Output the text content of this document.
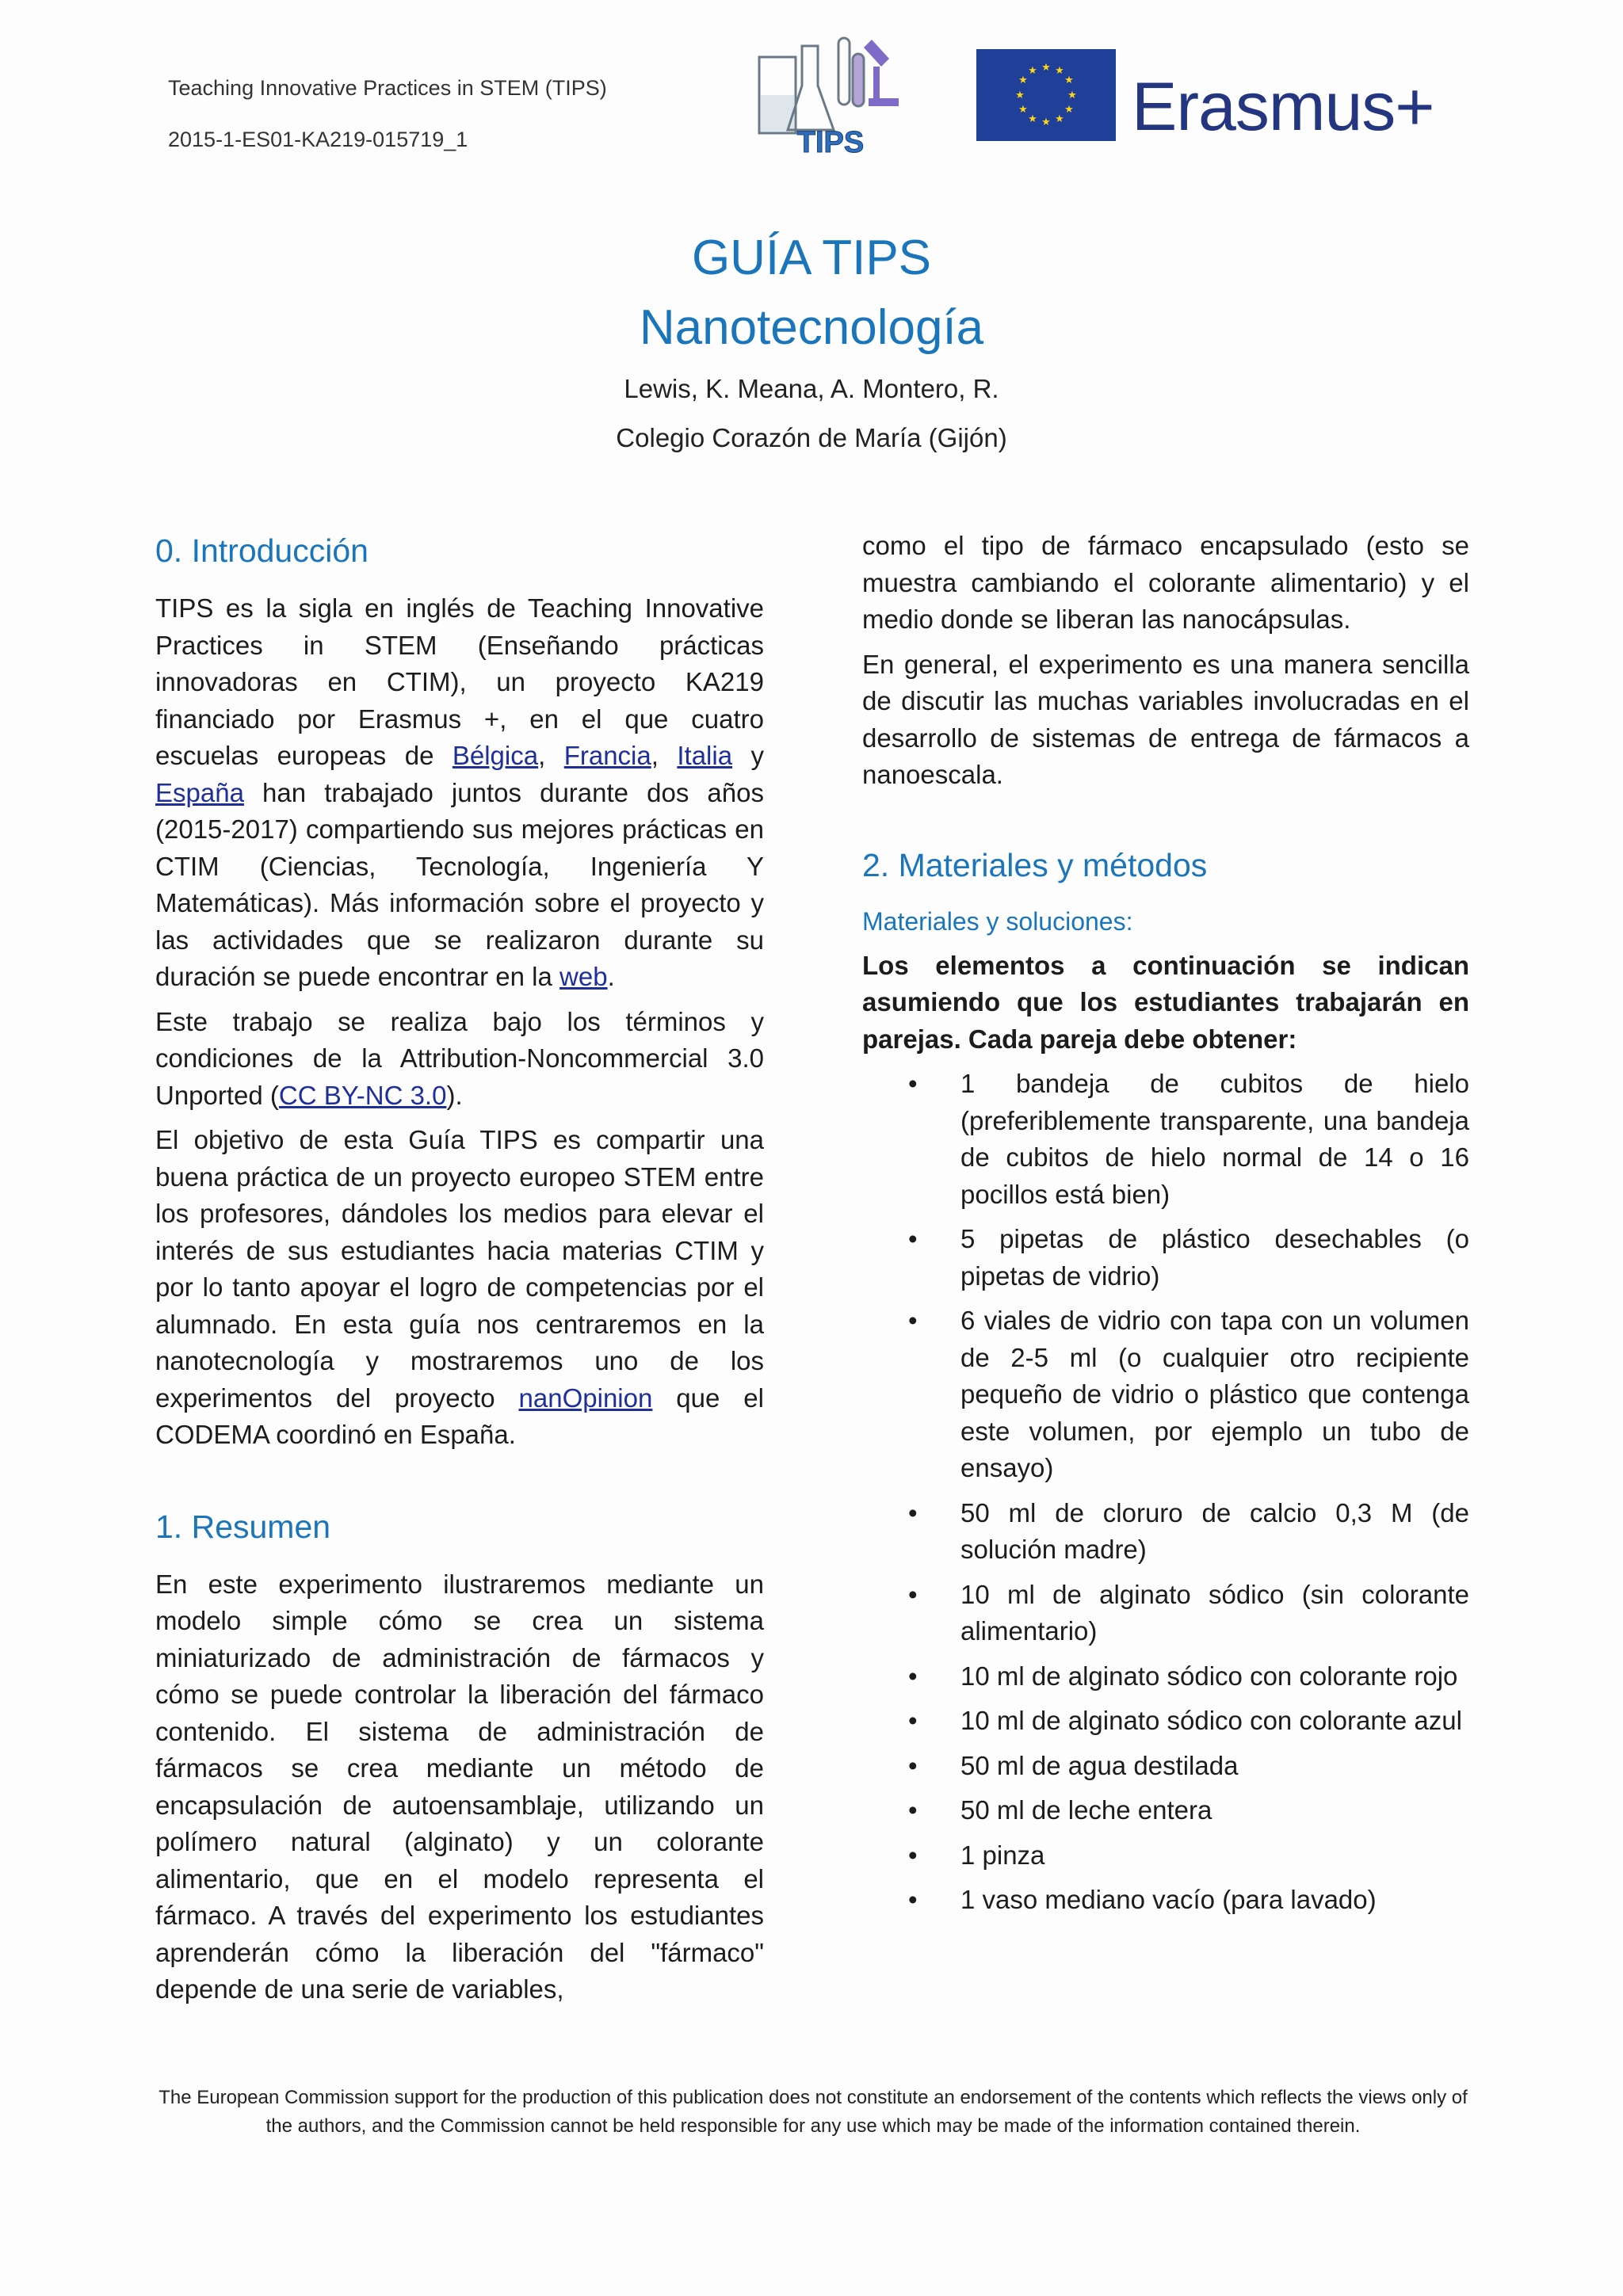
Teaching Innovative Practices in STEM (TIPS)
2015-1-ES01-KA219-015719_1	TIPS
★ ★
★
★
★
★
★
★
★
★
★
★ Erasmus+
GUÍA TIPS
Nanotecnología
Lewis, K. Meana, A. Montero, R.
Colegio Corazón de María (Gijón)
0. Introducción

TIPS es la sigla en inglés de Teaching Innovative Practices in STEM (Enseñando prácticas innovadoras en CTIM), un proyecto KA219 financiado por Erasmus +, en el que cuatro escuelas europeas de Bélgica, Francia, Italia y España han trabajado juntos durante dos años (2015-2017) compartiendo sus mejores prácticas en CTIM (Ciencias, Tecnología, Ingeniería Y Matemáticas). Más información sobre el proyecto y las actividades que se realizaron durante su duración se puede encontrar en la web.

Este trabajo se realiza bajo los términos y condiciones de la Attribution-Noncommercial 3.0 Unported (CC BY-NC 3.0).

El objetivo de esta Guía TIPS es compartir una buena práctica de un proyecto europeo STEM entre los profesores, dándoles los medios para elevar el interés de sus estudiantes hacia materias CTIM y por lo tanto apoyar el logro de competencias por el alumnado. En esta guía nos centraremos en la nanotecnología y mostraremos uno de los experimentos del proyecto nanOpinion que el CODEMA coordinó en España.

1. Resumen

En este experimento ilustraremos mediante un modelo simple cómo se crea un sistema miniaturizado de administración de fármacos y cómo se puede controlar la liberación del fármaco contenido. El sistema de administración de fármacos se crea mediante un método de encapsulación de autoensamblaje, utilizando un polímero natural (alginato) y un colorante alimentario, que en el modelo representa el fármaco. A través del experimento los estudiantes aprenderán cómo la liberación del "fármaco" depende de una serie de variables,

como el tipo de fármaco encapsulado (esto se muestra cambiando el colorante alimentario) y el medio donde se liberan las nanocápsulas.

En general, el experimento es una manera sencilla de discutir las muchas variables involucradas en el desarrollo de sistemas de entrega de fármacos a nanoescala.

2. Materiales y métodos
Materiales y soluciones:

Los elementos a continuación se indican asumiendo que los estudiantes trabajarán en parejas. Cada pareja debe obtener:

• 1 bandeja de cubitos de hielo (preferiblemente transparente, una bandeja de cubitos de hielo normal de 14 o 16 pocillos está bien)
• 5 pipetas de plástico desechables (o pipetas de vidrio)
• 6 viales de vidrio con tapa con un volumen de 2-5 ml (o cualquier otro recipiente pequeño de vidrio o plástico que contenga este volumen, por ejemplo un tubo de ensayo)
• 50 ml de cloruro de calcio 0,3 M (de solución madre)
• 10 ml de alginato sódico (sin colorante alimentario)
• 10 ml de alginato sódico con colorante rojo
• 10 ml de alginato sódico con colorante azul
• 50 ml de agua destilada
• 50 ml de leche entera
• 1 pinza
• 1 vaso mediano vacío (para lavado)
The European Commission support for the production of this publication does not constitute an endorsement of the contents which reflects the views only of the authors, and the Commission cannot be held responsible for any use which may be made of the information contained therein.
